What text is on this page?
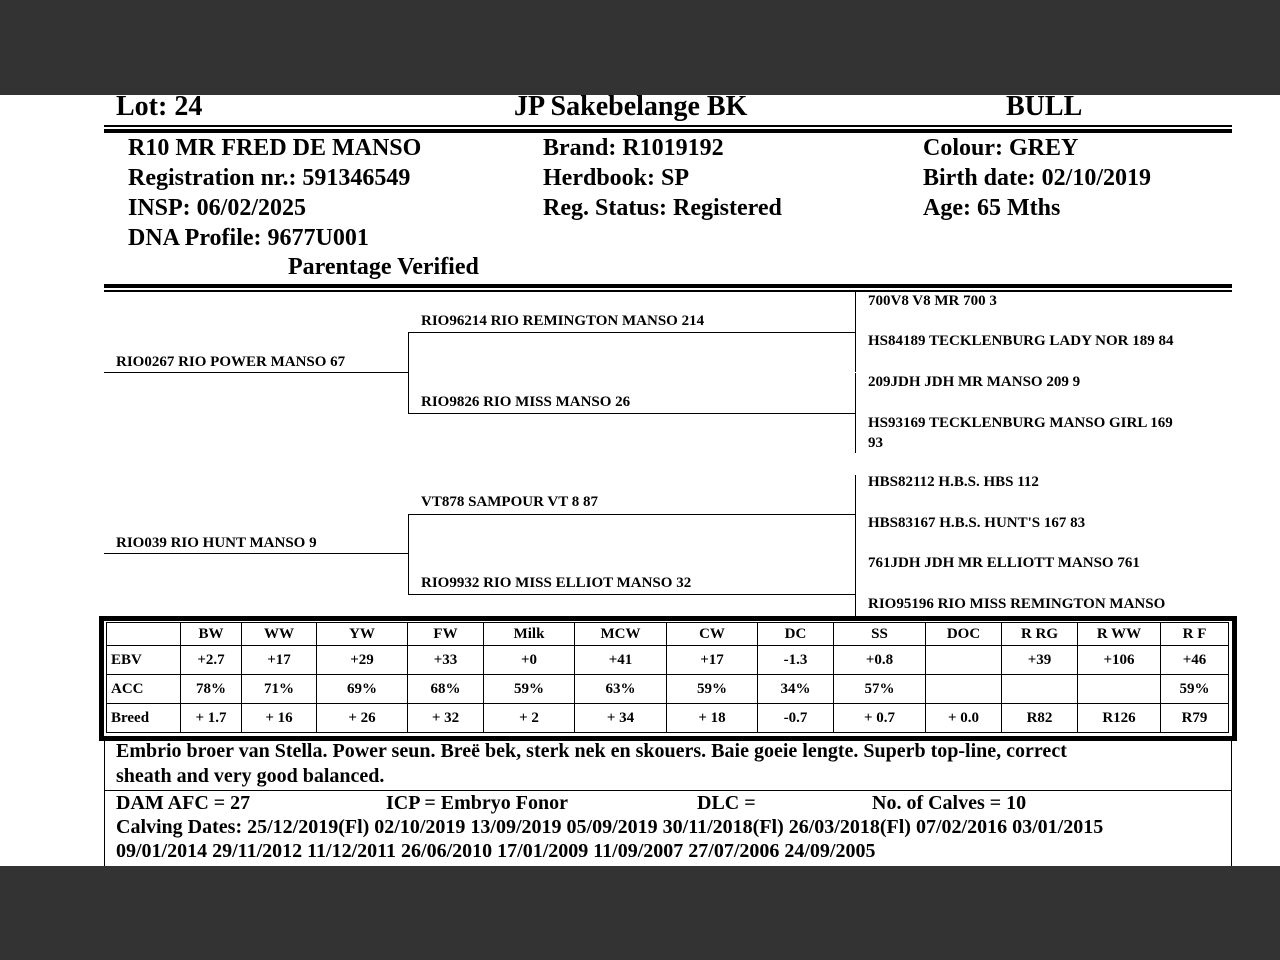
Lot: 24	JP Sakebelange BK	BULL
R10 MR FRED DE MANSO
Registration nr.: 591346549
INSP: 06/02/2025
DNA Profile: 9677U001
Parentage Verified
Brand: R1019192
Herdbook: SP
Reg. Status: Registered
Colour: GREY
Birth date: 02/10/2019
Age: 65 Mths
RIO0267 RIO POWER MANSO 67
RIO96214 RIO REMINGTON MANSO 214
RIO9826 RIO MISS MANSO 26
RIO039 RIO HUNT MANSO 9
VT878 SAMPOUR VT 8 87
RIO9932 RIO MISS ELLIOT MANSO 32
700V8 V8 MR 700 3
HS84189 TECKLENBURG LADY NOR 189 84
209JDH JDH MR MANSO 209 9
HS93169 TECKLENBURG MANSO GIRL 169
93
HBS82112 H.B.S. HBS 112
HBS83167 H.B.S. HUNT'S 167 83
761JDH JDH MR ELLIOTT MANSO 761
RIO95196 RIO MISS REMINGTON MANSO
	BW	WW	YW	FW	Milk	MCW	CW	DC	SS	DOC	R RG	R WW	R F
EBV	+2.7	+17	+29	+33	+0	+41	+17	-1.3	+0.8		+39	+106	+46
ACC	78%	71%	69%	68%	59%	63%	59%	34%	57%				59%
Breed	+ 1.7	+ 16	+ 26	+ 32	+ 2	+ 34	+ 18	-0.7	+ 0.7	+ 0.0	R82	R126	R79
Embrio broer van Stella. Power seun. Breë bek, sterk nek en skouers. Baie goeie lengte. Superb top-line, correct
sheath and very good balanced.
DAM AFC = 27	ICP = Embryo Fonor	DLC =	No. of Calves = 10
Calving Dates: 25/12/2019(Fl) 02/10/2019 13/09/2019 05/09/2019 30/11/2018(Fl) 26/03/2018(Fl) 07/02/2016 03/01/2015
09/01/2014 29/11/2012 11/12/2011 26/06/2010 17/01/2009 11/09/2007 27/07/2006 24/09/2005
